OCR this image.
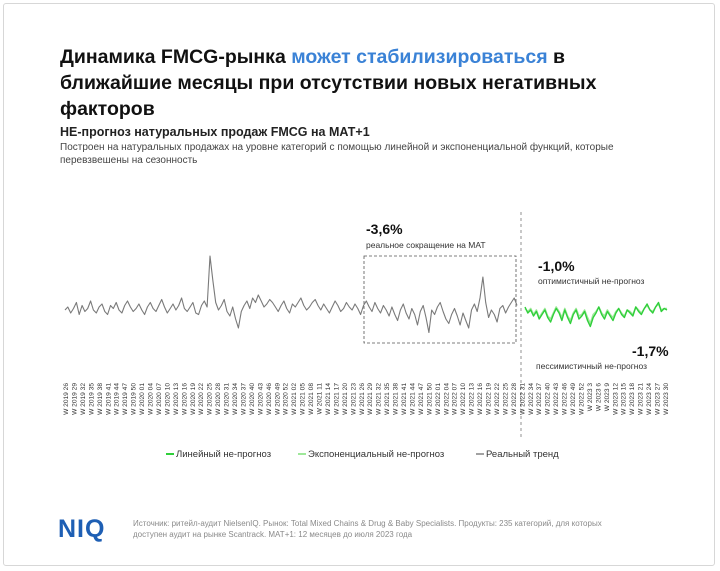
Динамика FMCG-рынка может стабилизироваться в ближайшие месяцы при отсутствии новых негативных факторов
НЕ-прогноз натуральных продаж FMCG на МАТ+1
Построен на натуральных продажах на уровне категорий с помощью линейной и экспоненциальной функций, которые перевзвешены на сезонность
W 2019 26 W 2019 29 W 2019 32 W 2019 35 W 2019 38 W 2019 41 W 2019 44 W 2019 47 W 2019 50 W 2020 01 W 2020 04 W 2020 07 W 2020 10 W 2020 13 W 2020 16 W 2020 19 W 2020 22 W 2020 25 W 2020 28 W 2020 31 W 2020 34 W 2020 37 W 2020 40 W 2020 43 W 2020 46 W 2020 49 W 2020 52 W 2021 02 W 2021 05 W 2021 08 W 2021 11 W 2021 14 W 2021 17 W 2021 20 W 2021 23 W 2021 26 W 2021 29 W 2021 32 W 2021 35 W 2021 38 W 2021 41 W 2021 44 W 2021 47 W 2021 50 W 2022 01 W 2022 04 W 2022 07 W 2022 10 W 2022 13 W 2022 16 W 2022 19 W 2022 22 W 2022 25 W 2022 28 W 2022 31 W 2022 34 W 2022 37 W 2022 40 W 2022 43 W 2022 46 W 2022 49 W 2022 52 W 2023 3 W 2023 6 W 2023 9 W 2023 12 W 2023 15 W 2023 18 W 2023 21 W 2023 24 W 2023 27 W 2023 30
-3,6%
реальное сокращение на МАТ
-1,0%
оптимистичный не-прогноз
-1,7%
пессимистичный не-прогноз
Линейный не-прогноз	Экспоненциальный не-прогноз	Реальный тренд
NIQ	Источник: ритейл-аудит NielsenIQ. Рынок: Total Mixed Chains & Drug & Baby Specialists. Продукты: 235 категорий, для которых доступен аудит на рынке Scantrack. MAT+1: 12 месяцев до июля 2023 года
